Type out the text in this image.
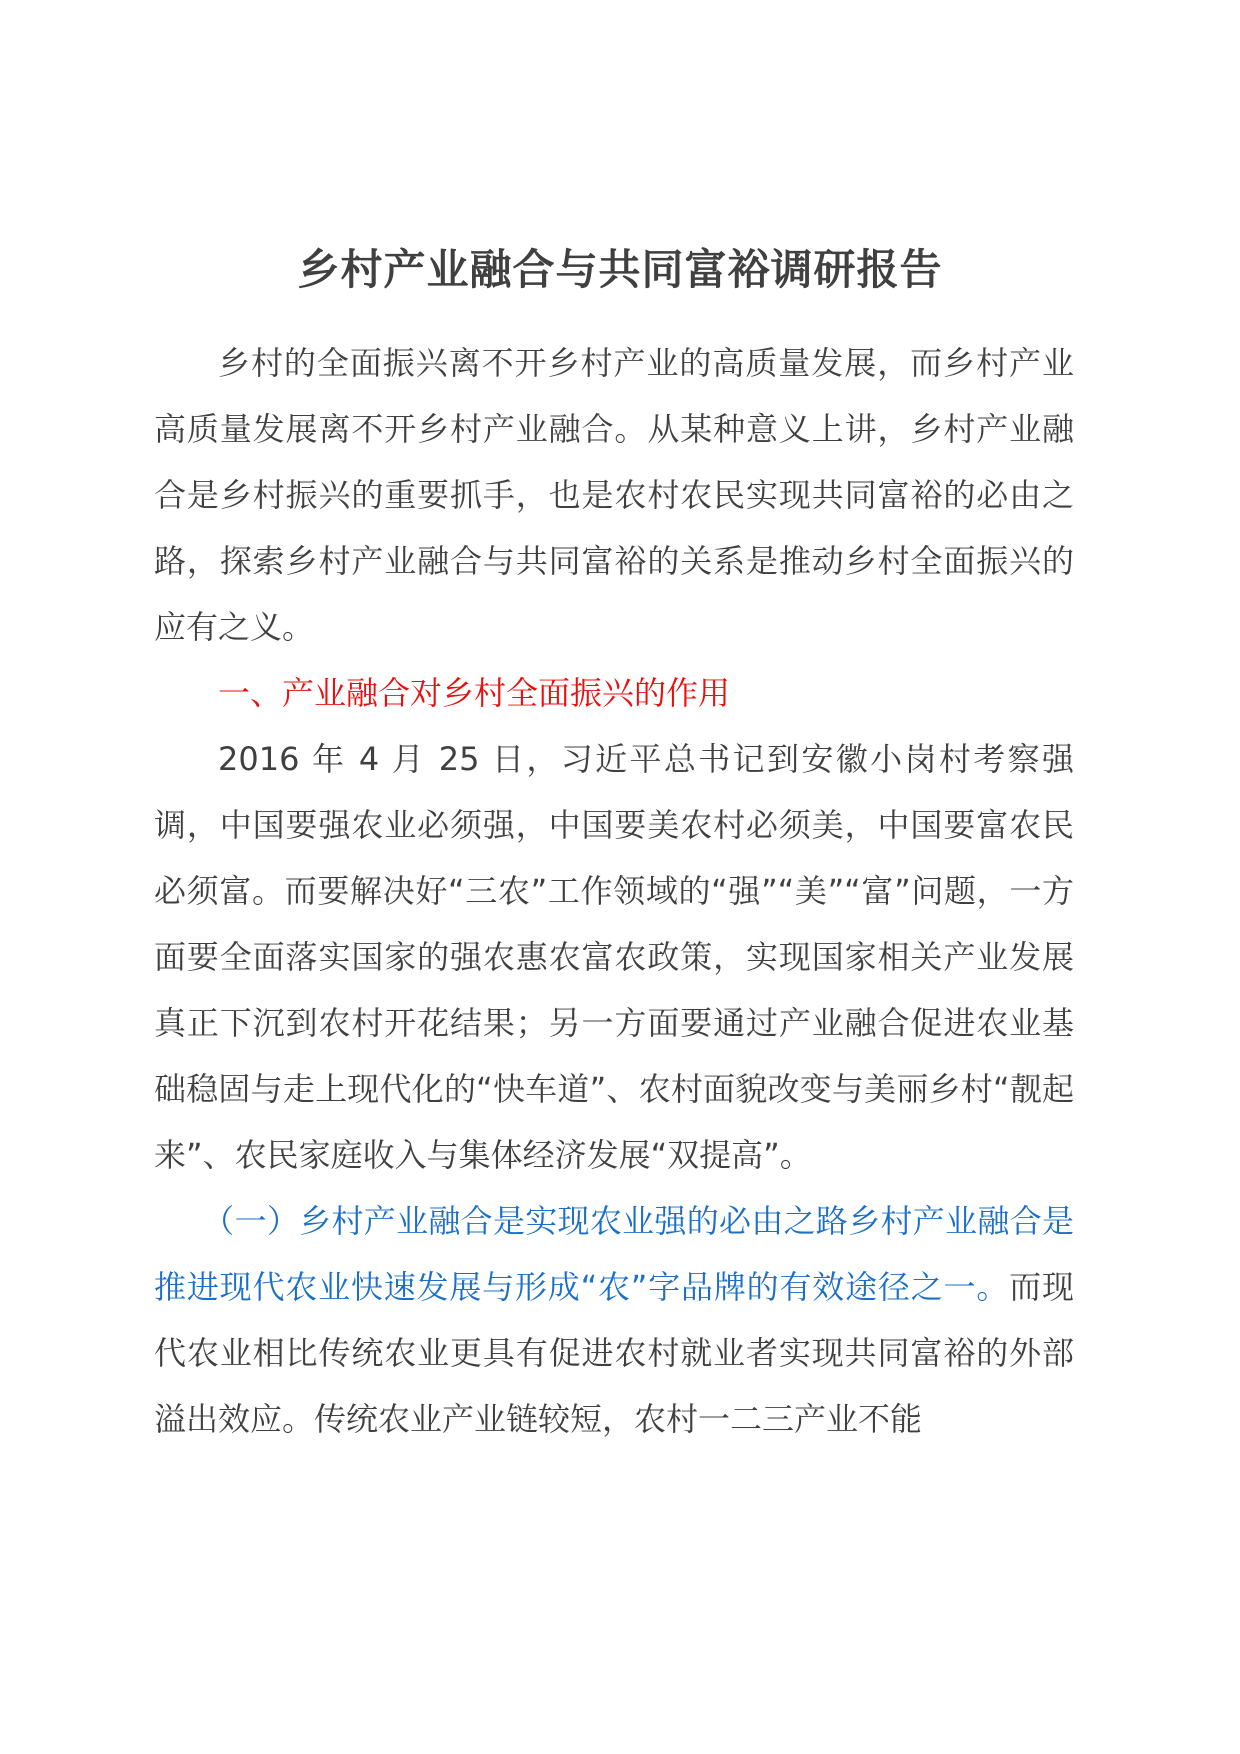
乡村产业融合与共同富裕调研报告

乡村的全面振兴离不开乡村产业的高质量发展，而乡村产业高质量发展离不开乡村产业融合。从某种意义上讲，乡村产业融合是乡村振兴的重要抓手，也是农村农民实现共同富裕的必由之路，探索乡村产业融合与共同富裕的关系是推动乡村全面振兴的应有之义。

一、产业融合对乡村全面振兴的作用

2016 年 4 月 25 日，习近平总书记到安徽小岗村考察强调，中国要强农业必须强，中国要美农村必须美，中国要富农民必须富。而要解决好“三农”工作领域的“强”“美”“富”问题，一方面要全面落实国家的强农惠农富农政策，实现国家相关产业发展真正下沉到农村开花结果；另一方面要通过产业融合促进农业基础稳固与走上现代化的“快车道”、农村面貌改变与美丽乡村“靓起来”、农民家庭收入与集体经济发展“双提高”。

（一）乡村产业融合是实现农业强的必由之路乡村产业融合是推进现代农业快速发展与形成“农”字品牌的有效途径之一。而现代农业相比传统农业更具有促进农村就业者实现共同富裕的外部溢出效应。传统农业产业链较短，农村一二三产业不能
